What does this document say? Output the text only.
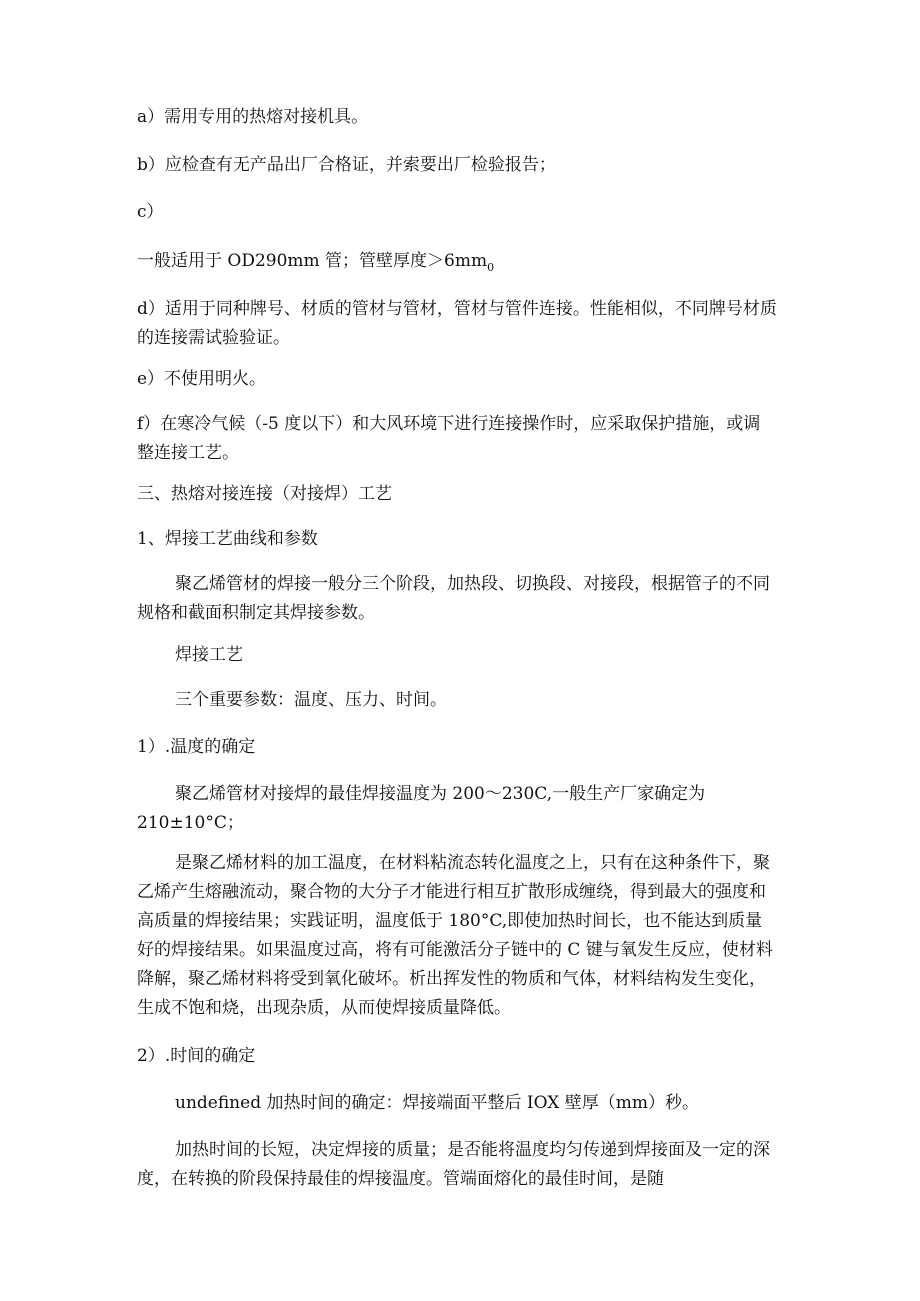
a）需用专用的热熔对接机具。

b）应检查有无产品出厂合格证，并索要出厂检验报告；

c）

一般适用于 OD290mm 管；管壁厚度$>6mm_0$

d）适用于同种牌号、材质的管材与管材，管材与管件连接。性能相似，不同牌号材质的连接需试验验证。

e）不使用明火。

f）在寒冷气候（-5 度以下）和大风环境下进行连接操作时，应采取保护措施，或调整连接工艺。

三、热熔对接连接（对接焊）工艺

1、焊接工艺曲线和参数

聚乙烯管材的焊接一般分三个阶段，加热段、切换段、对接段，根据管子的不同规格和截面积制定其焊接参数。

焊接工艺

三个重要参数：温度、压力、时间。

1）.温度的确定

聚乙烯管材对接焊的最佳焊接温度为 200～230C,一般生产厂家确定为 210±10°C；

是聚乙烯材料的加工温度，在材料粘流态转化温度之上，只有在这种条件下，聚乙烯产生熔融流动，聚合物的大分子才能进行相互扩散形成缠绕，得到最大的强度和高质量的焊接结果；实践证明，温度低于 180°C,即使加热时间长，也不能达到质量好的焊接结果。如果温度过高，将有可能激活分子链中的 C 键与氧发生反应，使材料降解，聚乙烯材料将受到氧化破坏。析出挥发性的物质和气体，材料结构发生变化，生成不饱和烧，出现杂质，从而使焊接质量降低。

2）.时间的确定

undefined 加热时间的确定：焊接端面平整后 IOX 壁厚（mm）秒。

加热时间的长短，决定焊接的质量；是否能将温度均匀传递到焊接面及一定的深度，在转换的阶段保持最佳的焊接温度。管端面熔化的最佳时间，是随
